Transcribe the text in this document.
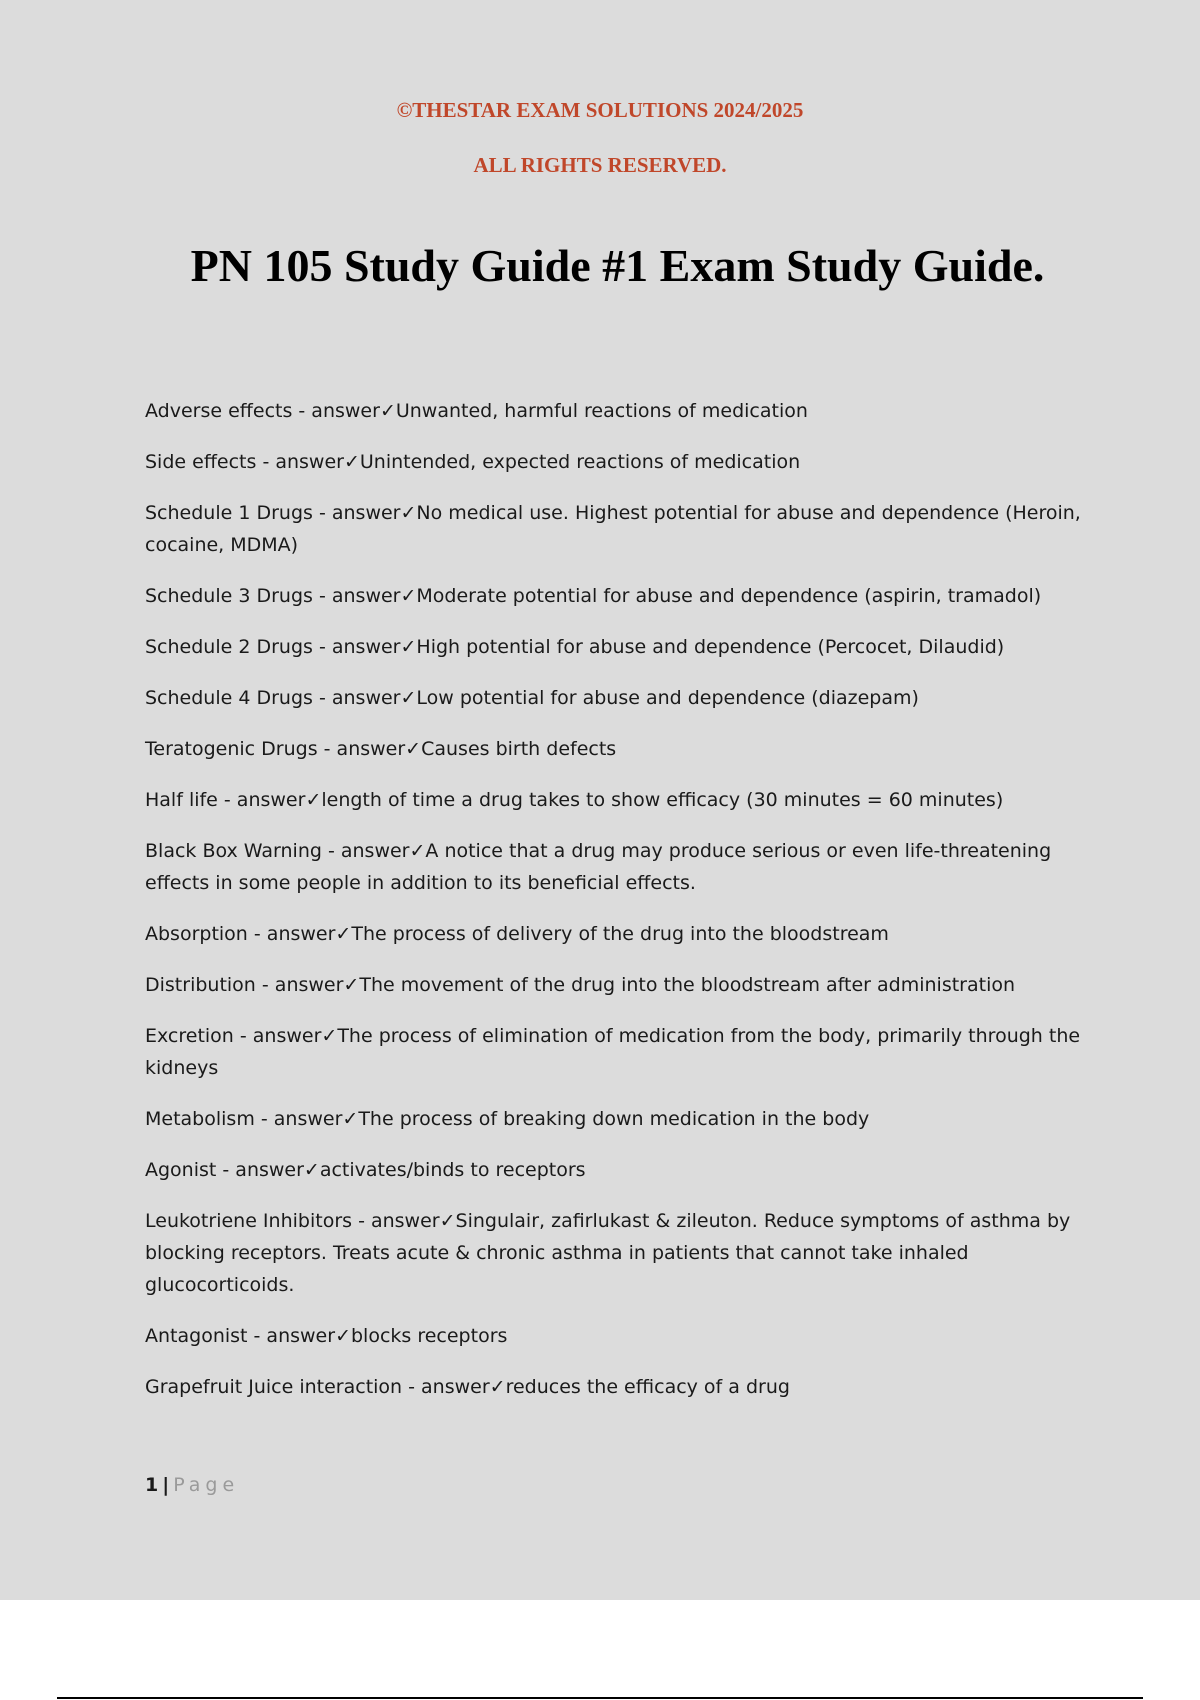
©THESTAR EXAM SOLUTIONS 2024/2025
ALL RIGHTS RESERVED.
PN 105 Study Guide #1 Exam Study Guide.

Adverse effects - answer✓Unwanted, harmful reactions of medication

Side effects - answer✓Unintended, expected reactions of medication

Schedule 1 Drugs - answer✓No medical use. Highest potential for abuse and dependence (Heroin, cocaine, MDMA)

Schedule 3 Drugs - answer✓Moderate potential for abuse and dependence (aspirin, tramadol)

Schedule 2 Drugs - answer✓High potential for abuse and dependence (Percocet, Dilaudid)

Schedule 4 Drugs - answer✓Low potential for abuse and dependence (diazepam)

Teratogenic Drugs - answer✓Causes birth defects

Half life - answer✓length of time a drug takes to show efficacy (30 minutes = 60 minutes)

Black Box Warning - answer✓A notice that a drug may produce serious or even life-threatening effects in some people in addition to its beneficial effects.

Absorption - answer✓The process of delivery of the drug into the bloodstream

Distribution - answer✓The movement of the drug into the bloodstream after administration

Excretion - answer✓The process of elimination of medication from the body, primarily through the kidneys

Metabolism - answer✓The process of breaking down medication in the body

Agonist - answer✓activates/binds to receptors

Leukotriene Inhibitors - answer✓Singulair, zafirlukast & zileuton. Reduce symptoms of asthma by blocking receptors. Treats acute & chronic asthma in patients that cannot take inhaled glucocorticoids.

Antagonist - answer✓blocks receptors

Grapefruit Juice interaction - answer✓reduces the efficacy of a drug

1 | Page
